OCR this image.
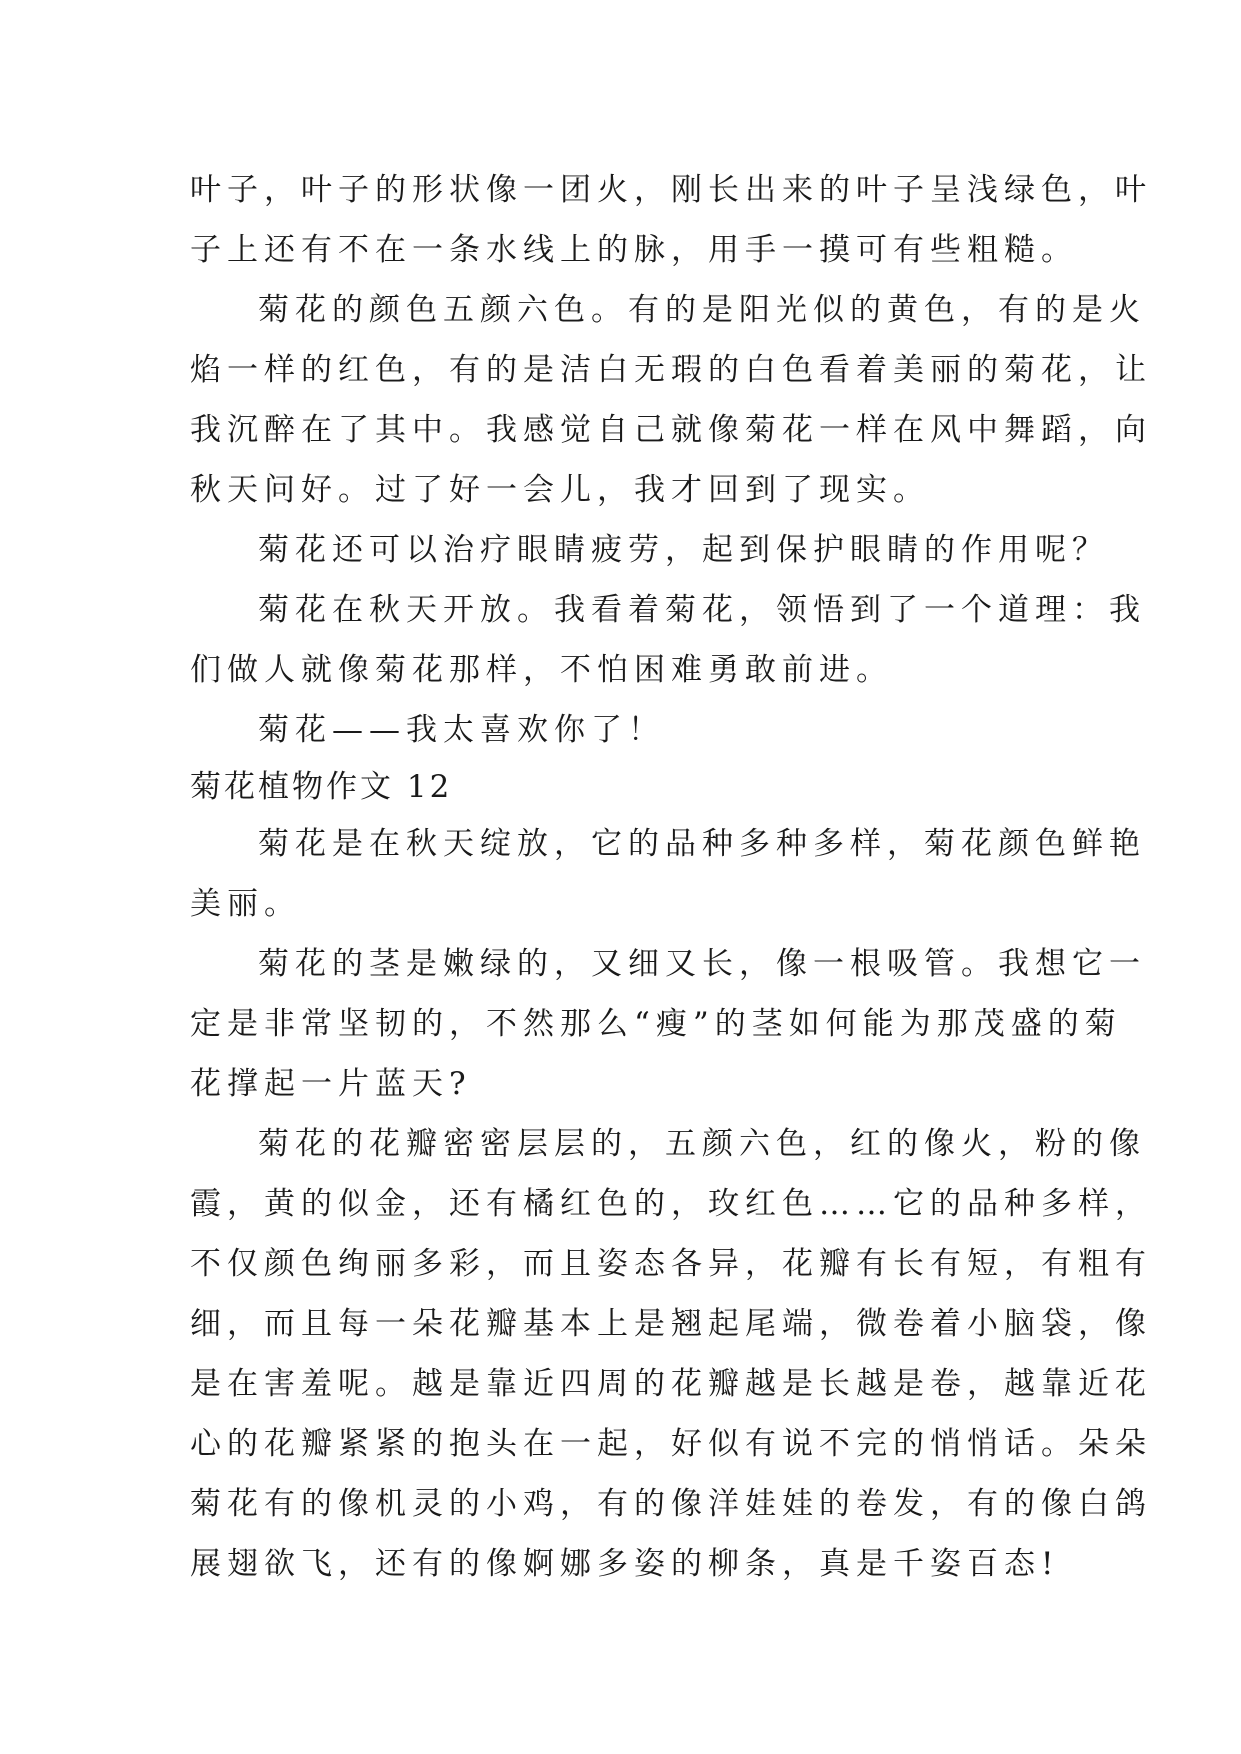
叶子，叶子的形状像一团火，刚长出来的叶子呈浅绿色，叶
子上还有不在一条水线上的脉，用手一摸可有些粗糙。
菊花的颜色五颜六色。有的是阳光似的黄色，有的是火
焰一样的红色，有的是洁白无瑕的白色看着美丽的菊花，让
我沉醉在了其中。我感觉自己就像菊花一样在风中舞蹈，向
秋天问好。过了好一会儿，我才回到了现实。
菊花还可以治疗眼睛疲劳，起到保护眼睛的作用呢？
菊花在秋天开放。我看着菊花，领悟到了一个道理：我
们做人就像菊花那样，不怕困难勇敢前进。
菊花——我太喜欢你了！
菊花植物作文 12
菊花是在秋天绽放，它的品种多种多样，菊花颜色鲜艳
美丽。
菊花的茎是嫩绿的，又细又长，像一根吸管。我想它一
定是非常坚韧的，不然那么“瘦”的茎如何能为那茂盛的菊
花撑起一片蓝天?
菊花的花瓣密密层层的，五颜六色，红的像火，粉的像
霞，黄的似金，还有橘红色的，玫红色……它的品种多样，
不仅颜色绚丽多彩，而且姿态各异，花瓣有长有短，有粗有
细，而且每一朵花瓣基本上是翘起尾端，微卷着小脑袋，像
是在害羞呢。越是靠近四周的花瓣越是长越是卷，越靠近花
心的花瓣紧紧的抱头在一起，好似有说不完的悄悄话。朵朵
菊花有的像机灵的小鸡，有的像洋娃娃的卷发，有的像白鸽
展翅欲飞，还有的像婀娜多姿的柳条，真是千姿百态!
